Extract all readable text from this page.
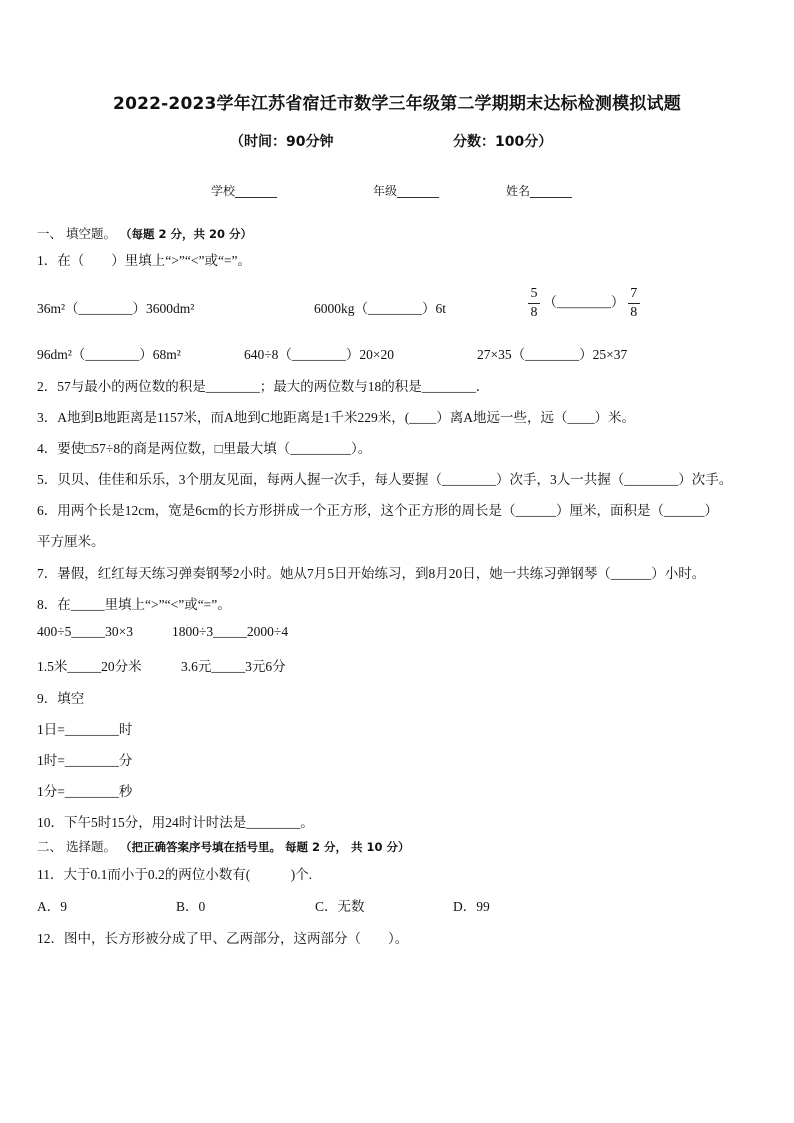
2022-2023学年江苏省宿迁市数学三年级第二学期期末达标检测模拟试题
（时间：90分钟	分数：100分）
学校_______	年级_______	姓名_______
一、 填空题。 （每题 2 分，共 20 分）
1．在（　　）里填上“>”“<”或“=”。
36m²（________）3600dm²	6000kg（________）6t	$\frac{5}{8}$ （________） $\frac{7}{8}$
96dm²（________）68m²	640÷8（________）20×20	27×35（________）25×37
2．57与最小的两位数的积是________；最大的两位数与18的积是________．
3．A地到B地距离是1157米，而A地到C地距离是1千米229米，(____）离A地远一些，远（____）米。
4．要使□57÷8的商是两位数，□里最大填（_________）。
5．贝贝、佳佳和乐乐，3个朋友见面，每两人握一次手，每人要握（________）次手，3人一共握（________）次手。
6．用两个长是12cm，宽是6cm的长方形拼成一个正方形，这个正方形的周长是（______）厘米，面积是（______）
平方厘米。
7．暑假，红红每天练习弹奏钢琴2小时。她从7月5日开始练习，到8月20日，她一共练习弹钢琴（______）小时。
8．在_____里填上“>”“<”或“=”。
400÷5_____30×3	1800÷3_____2000÷4
1.5米_____20分米	3.6元_____3元6分
9．填空
1日=________时
1时=________分
1分=________秒
10．下午5时15分，用24时计时法是________。
二、 选择题。 （把正确答案序号填在括号里。 每题 2 分， 共 10 分）
11．大于0.1而小于0.2的两位小数有(　　　)个.
A．9	B．0	C．无数	D．99
12．图中，长方形被分成了甲、乙两部分，这两部分（　　）。
